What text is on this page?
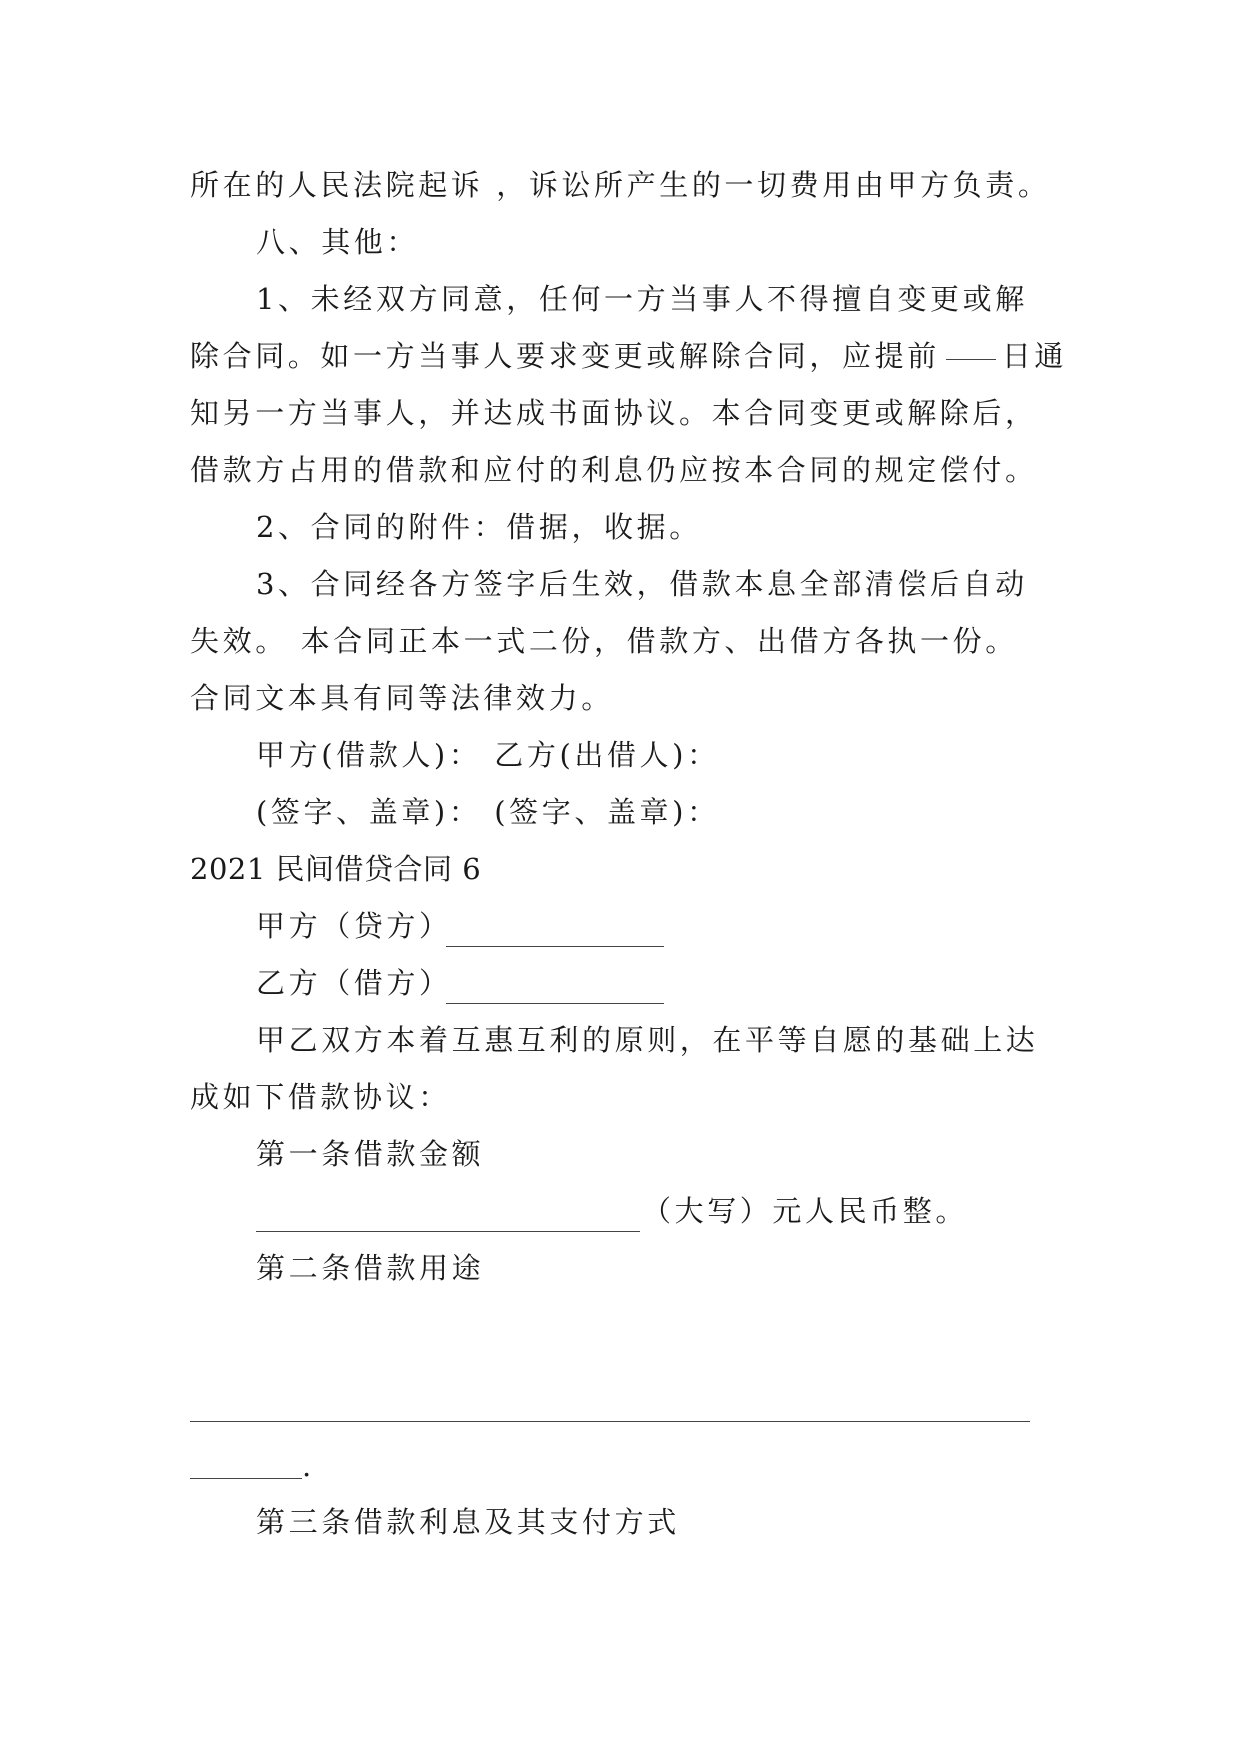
所在的人民法院起诉 ，诉讼所产生的一切费用由甲方负责。
八、其他：
1、未经双方同意，任何一方当事人不得擅自变更或解
除合同。如一方当事人要求变更或解除合同，应提前 日通
知另一方当事人，并达成书面协议。本合同变更或解除后，
借款方占用的借款和应付的利息仍应按本合同的规定偿付。
2、合同的附件：借据，收据。
3、合同经各方签字后生效，借款本息全部清偿后自动
失效。 本合同正本一式二份，借款方、出借方各执一份。
合同文本具有同等法律效力。
甲方(借款人)： 乙方(出借人)：
(签字、盖章)： (签字、盖章)：
2021 民间借贷合同 6
甲方（贷方）
乙方（借方）
甲乙双方本着互惠互利的原则，在平等自愿的基础上达
成如下借款协议：
第一条借款金额
（大写）元人民币整。
第二条借款用途
.
第三条借款利息及其支付方式
